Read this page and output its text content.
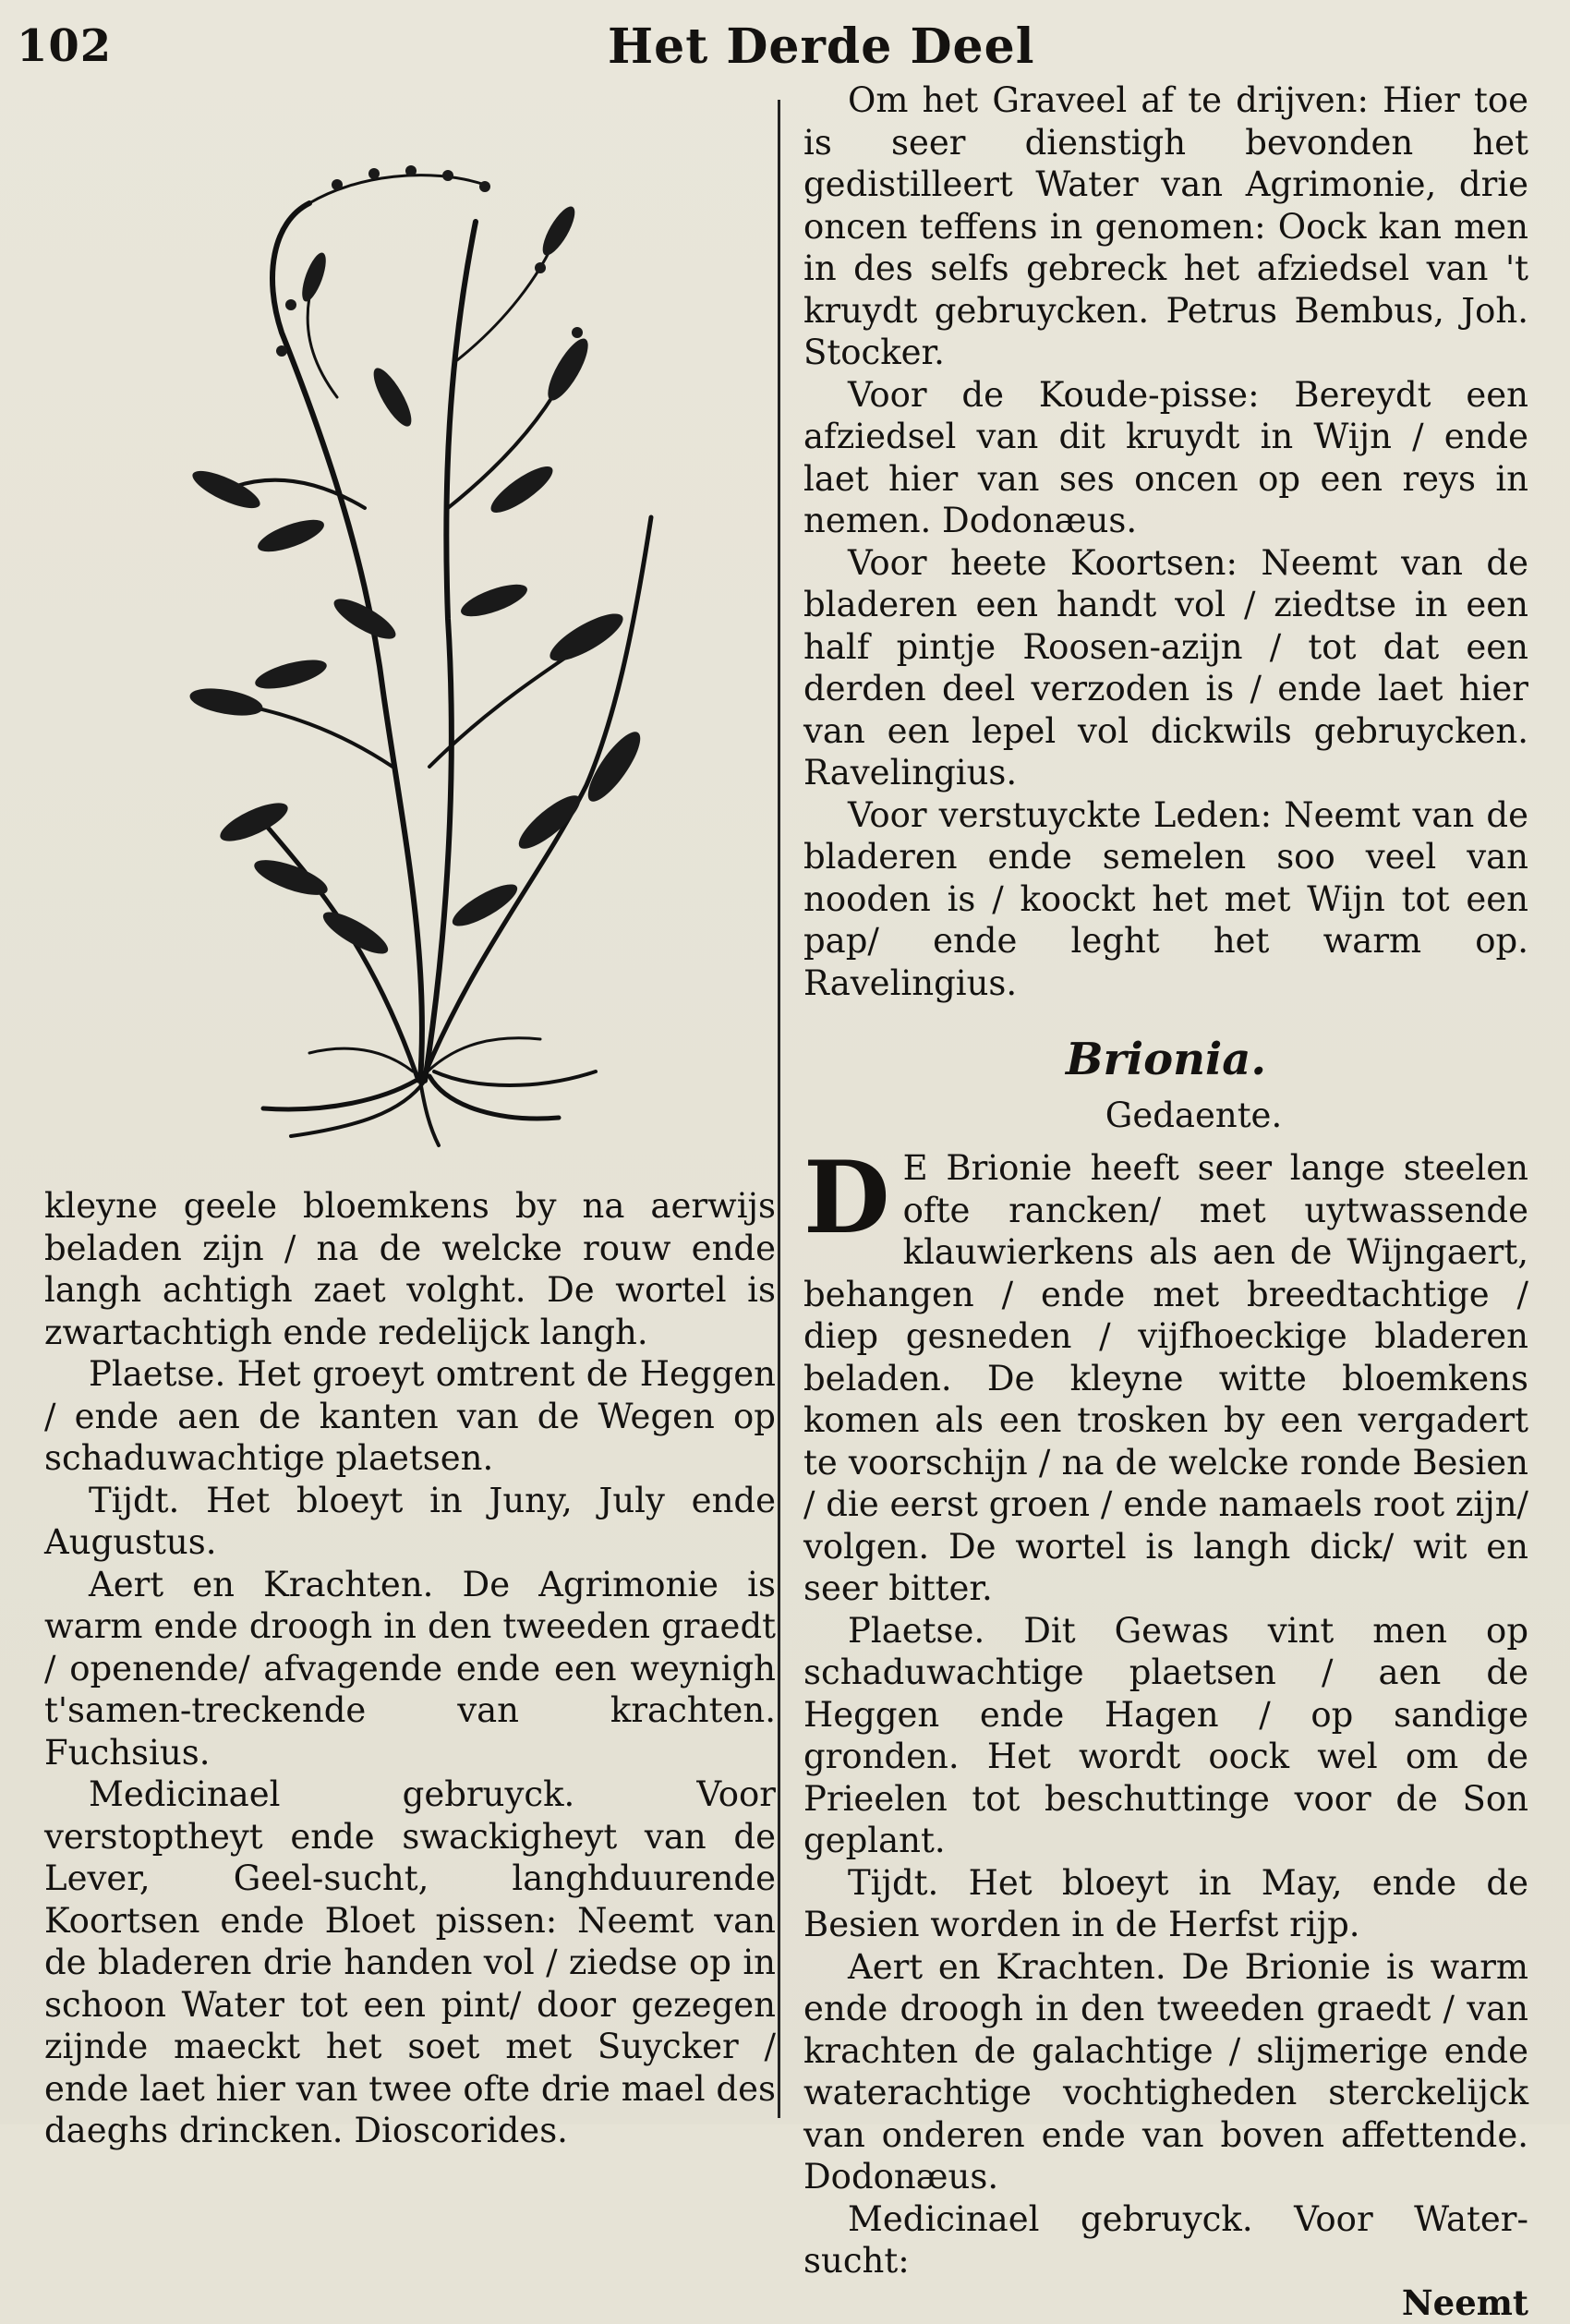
102	Het Derde Deel

kleyne geele bloemkens by na aerwijs beladen zijn / na de welcke rouw ende langh achtigh zaet volght. De wortel is zwartachtigh ende redelijck langh.

Plaetse. Het groeyt omtrent de Heggen / ende aen de kanten van de Wegen op schaduwachtige plaetsen.

Tijdt. Het bloeyt in Juny, July ende Augustus.

Aert en Krachten. De Agrimonie is warm ende droogh in den tweeden graedt / openende/ afvagende ende een weynigh t'samen-treckende van krachten. Fuchsius.

Medicinael gebruyck. Voor verstoptheyt ende swackigheyt van de Lever, Geel-sucht, langhduurende Koortsen ende Bloet pissen: Neemt van de bladeren drie handen vol / ziedse op in schoon Water tot een pint/ door gezegen zijnde maeckt het soet met Suycker / ende laet hier van twee ofte drie mael des daeghs drincken. Dioscorides.

Om het Graveel af te drijven: Hier toe is seer dienstigh bevonden het gedistilleert Water van Agrimonie, drie oncen teffens in genomen: Oock kan men in des selfs gebreck het afziedsel van 't kruydt gebruycken. Petrus Bembus, Joh. Stocker.

Voor de Koude-pisse: Bereydt een afziedsel van dit kruydt in Wijn / ende laet hier van ses oncen op een reys in nemen. Dodonæus.

Voor heete Koortsen: Neemt van de bladeren een handt vol / ziedtse in een half pintje Roosen-azijn / tot dat een derden deel verzoden is / ende laet hier van een lepel vol dickwils gebruycken. Ravelingius.

Voor verstuyckte Leden: Neemt van de bladeren ende semelen soo veel van nooden is / koockt het met Wijn tot een pap/ ende leght het warm op. Ravelingius.

Brionia.
Gedaente.

D E Brionie heeft seer lange steelen ofte rancken/ met uytwassende klauwierkens als aen de Wijngaert, behangen / ende met breedtachtige / diep gesneden / vijfhoeckige bladeren beladen. De kleyne witte bloemkens komen als een trosken by een vergadert te voorschijn / na de welcke ronde Besien / die eerst groen / ende namaels root zijn/ volgen. De wortel is langh dick/ wit en seer bitter.

Plaetse. Dit Gewas vint men op schaduwachtige plaetsen / aen de Heggen ende Hagen / op sandige gronden. Het wordt oock wel om de Prieelen tot beschuttinge voor de Son geplant.

Tijdt. Het bloeyt in May, ende de Besien worden in de Herfst rijp.

Aert en Krachten. De Brionie is warm ende droogh in den tweeden graedt / van krachten de galachtige / slijmerige ende waterachtige vochtigheden sterckelijck van onderen ende van boven affettende. Dodonæus.

Medicinael gebruyck. Voor Water-sucht:

Neemt
